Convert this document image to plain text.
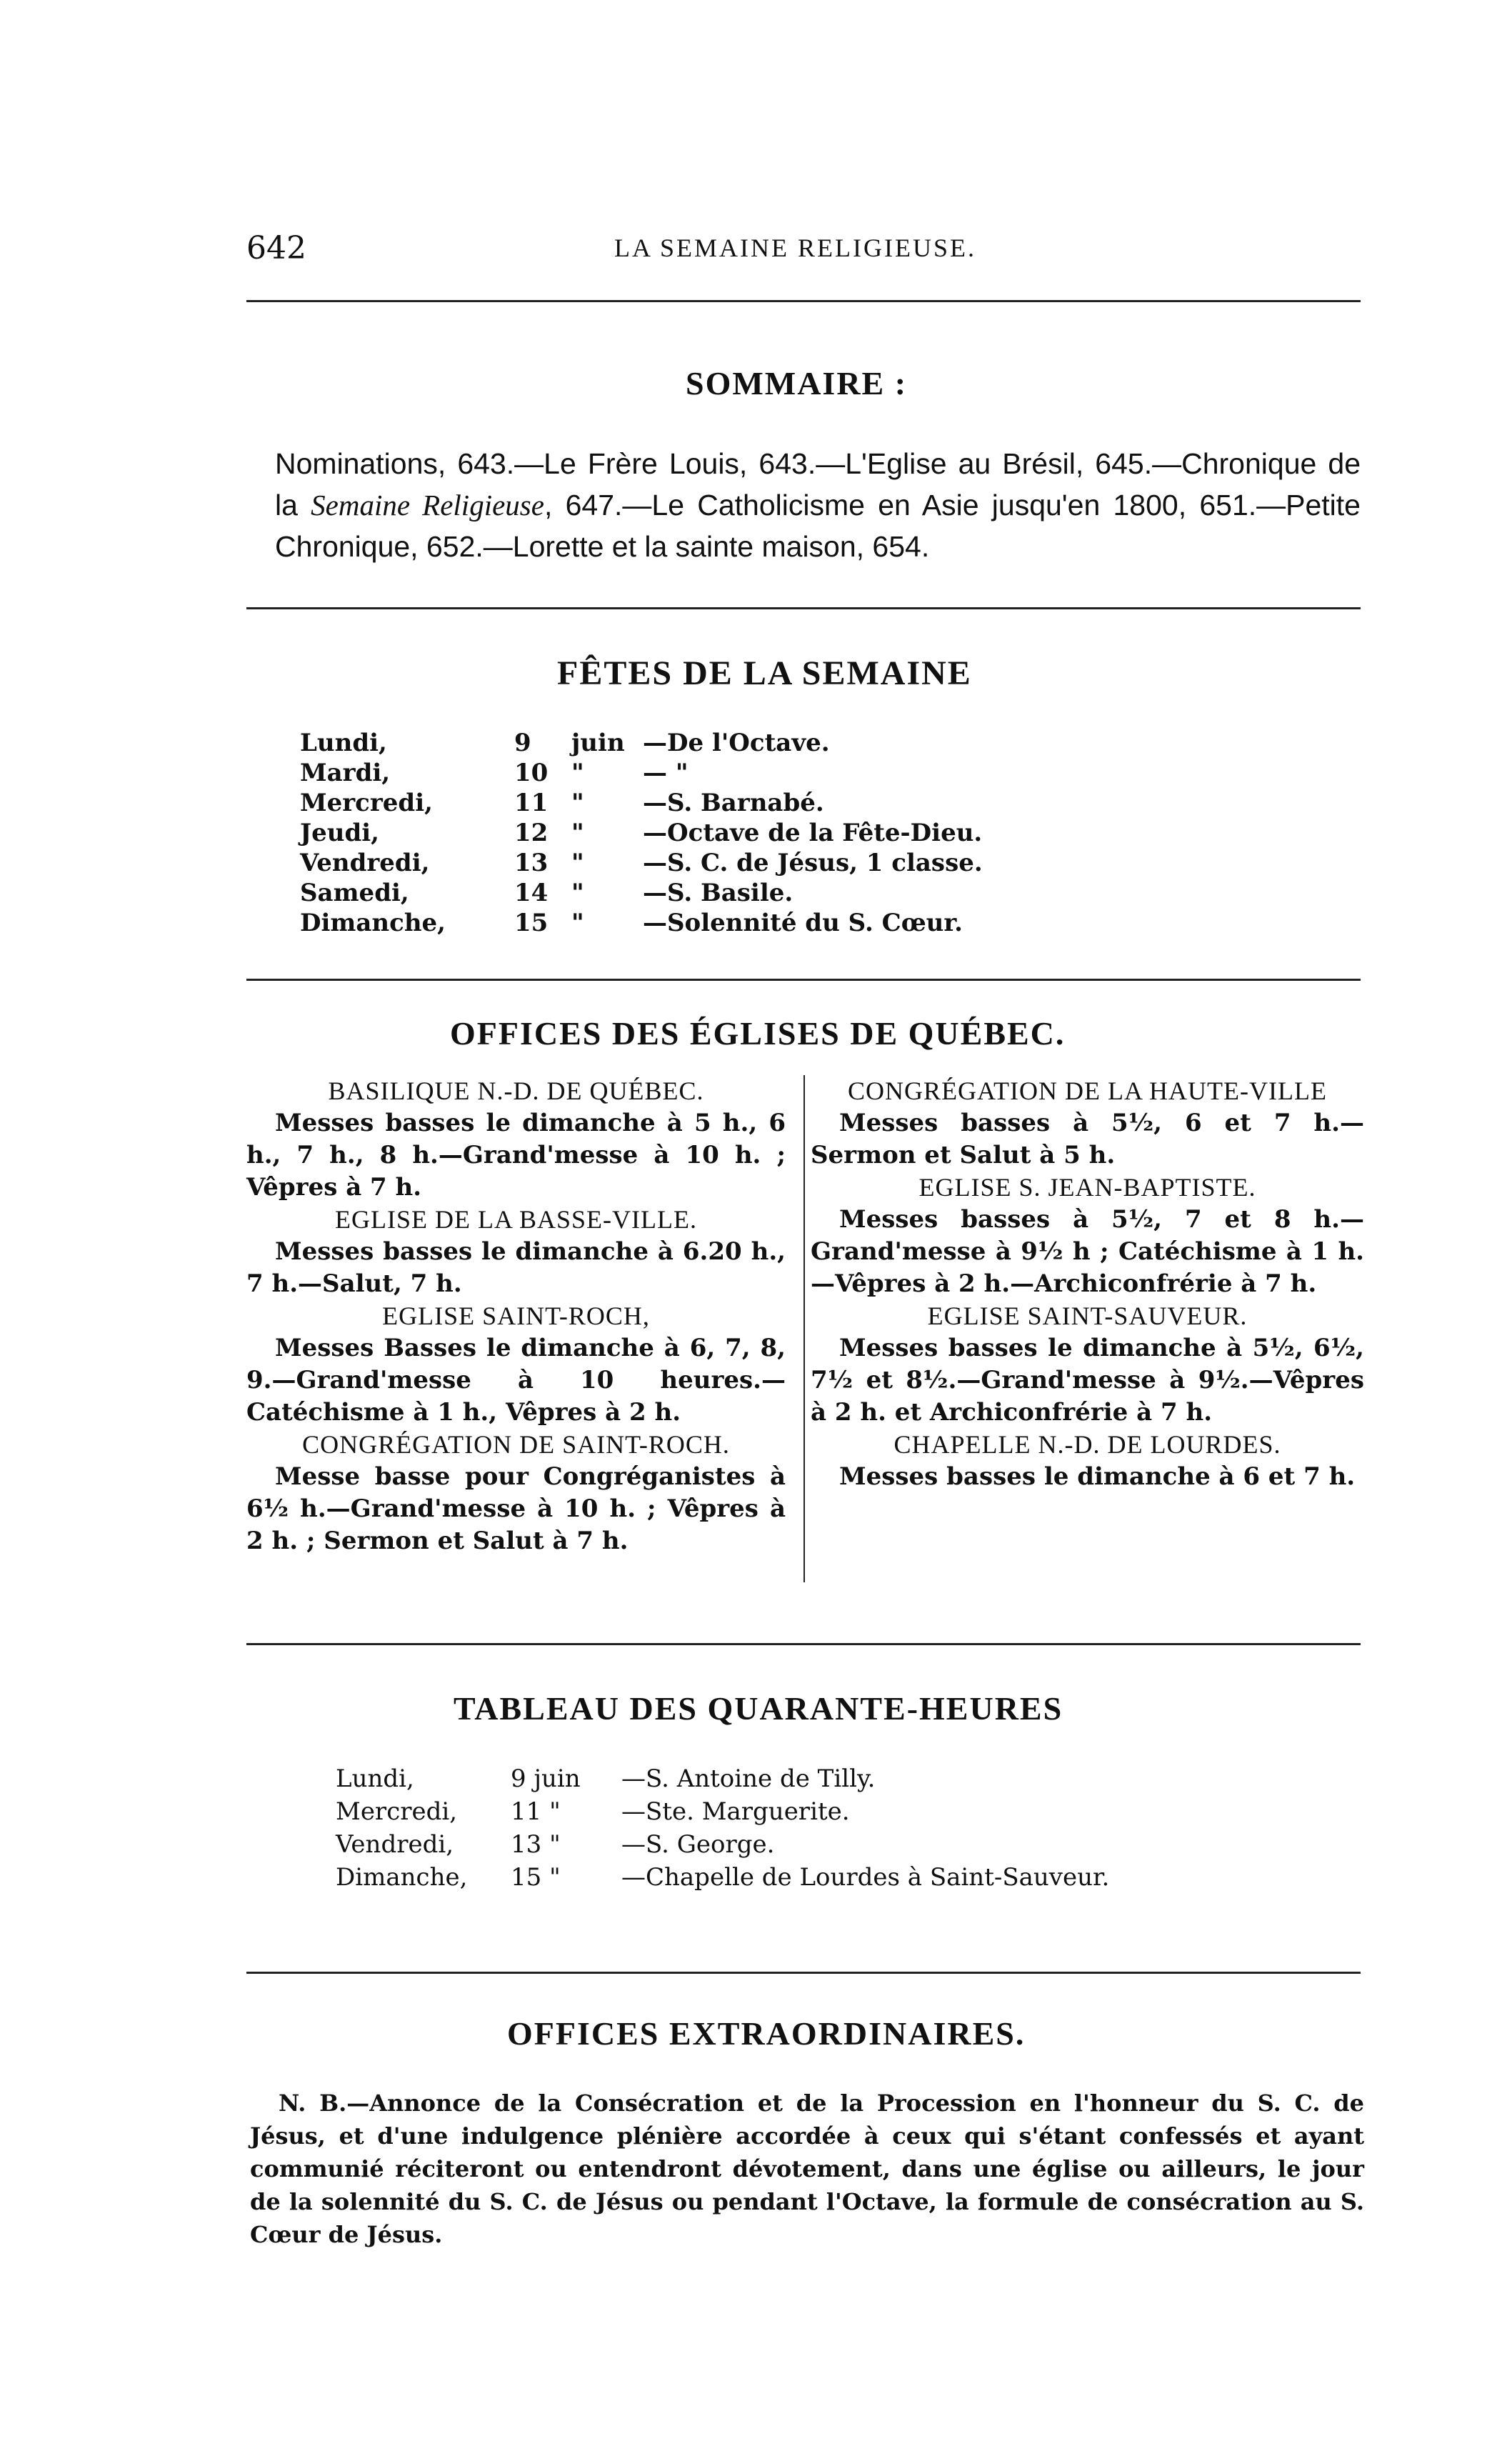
642	LA SEMAINE RELIGIEUSE.
SOMMAIRE :
Nominations, 643.—Le Frère Louis, 643.—L'Eglise au Brésil, 645.—Chronique de la Semaine Religieuse, 647.—Le Catholicisme en Asie jusqu'en 1800, 651.—Petite Chronique, 652.—Lorette et la sainte maison, 654.
FÊTES DE LA SEMAINE
Lundi,	9 juin —De l'Octave.
Mardi,	10 " — "
Mercredi,	11 " —S. Barnabé.
Jeudi,	12 " —Octave de la Fête-Dieu.
Vendredi,	13 " —S. C. de Jésus, 1 classe.
Samedi,	14 " —S. Basile.
Dimanche,	15 " —Solennité du S. Cœur.
OFFICES DES ÉGLISES DE QUÉBEC.
BASILIQUE N.-D. DE QUÉBEC.

Messes basses le dimanche à 5 h., 6 h., 7 h., 8 h.—Grand'messe à 10 h. ; Vêpres à 7 h.

EGLISE DE LA BASSE-VILLE.

Messes basses le dimanche à 6.20 h., 7 h.—Salut, 7 h.

EGLISE SAINT-ROCH,

Messes Basses le dimanche à 6, 7, 8, 9.—Grand'messe à 10 heures.—Catéchisme à 1 h., Vêpres à 2 h.

CONGRÉGATION DE SAINT-ROCH.

Messe basse pour Congréganistes à 6½ h.—Grand'messe à 10 h. ; Vêpres à 2 h. ; Sermon et Salut à 7 h.

CONGRÉGATION DE LA HAUTE-VILLE

Messes basses à 5½, 6 et 7 h.—Sermon et Salut à 5 h.

EGLISE S. JEAN-BAPTISTE.

Messes basses à 5½, 7 et 8 h.—Grand'messe à 9½ h ; Catéchisme à 1 h.—Vêpres à 2 h.—Archiconfrérie à 7 h.

EGLISE SAINT-SAUVEUR.

Messes basses le dimanche à 5½, 6½, 7½ et 8½.—Grand'messe à 9½.—Vêpres à 2 h. et Archiconfrérie à 7 h.

CHAPELLE N.-D. DE LOURDES.

Messes basses le dimanche à 6 et 7 h.

TABLEAU DES QUARANTE-HEURES
Lundi,	9 juin —S. Antoine de Tilly.
Mercredi, 11 "	—Ste. Marguerite.
Vendredi, 13 "	—S. George.
Dimanche, 15 "	—Chapelle de Lourdes à Saint-Sauveur.
OFFICES EXTRAORDINAIRES.
N. B.—Annonce de la Consécration et de la Procession en l'honneur du S. C. de Jésus, et d'une indulgence plénière accordée à ceux qui s'étant confessés et ayant communié réciteront ou entendront dévotement, dans une église ou ailleurs, le jour de la solennité du S. C. de Jésus ou pendant l'Octave, la formule de consécration au S. Cœur de Jésus.
